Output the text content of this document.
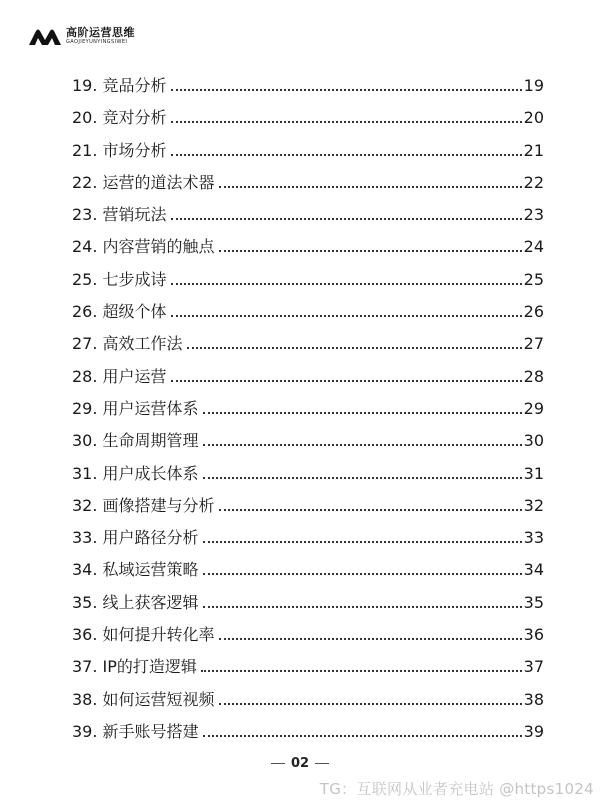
高阶运营思维
GAOJIEYUNYINGSIWEI
19. 竞品分析	19
20. 竞对分析	20
21. 市场分析	21
22. 运营的道法术器	22
23. 营销玩法	23
24. 内容营销的触点	24
25. 七步成诗	25
26. 超级个体	26
27. 高效工作法	27
28. 用户运营	28
29. 用户运营体系	29
30. 生命周期管理	30
31. 用户成长体系	31
32. 画像搭建与分析	32
33. 用户路径分析	33
34. 私域运营策略	34
35. 线上获客逻辑	35
36. 如何提升转化率	36
37. IP的打造逻辑	37
38. 如何运营短视频	38
39. 新手账号搭建	39
02
TG：互联网从业者充电站 @https1024
